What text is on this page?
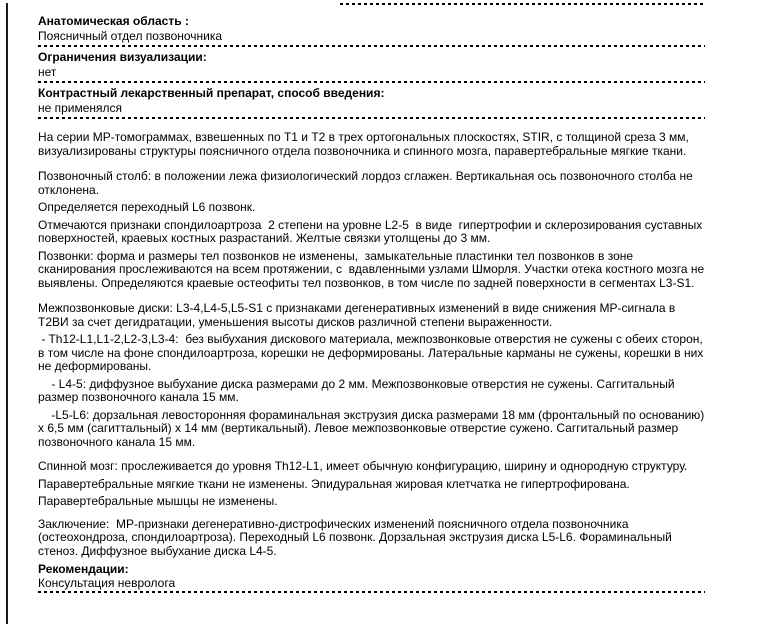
Анатомическая область :
Поясничный отдел позвоночника
Ограничения визуализации:
нет
Контрастный лекарственный препарат, способ введения:
не применялся

На серии МР-томограммах, взвешенных по Т1 и Т2 в трех ортогональных плоскостях, STIR, с толщиной среза 3 мм, визуализированы структуры поясничного отдела позвоночника и спинного мозга, паравертебральные мягкие ткани.

Позвоночный столб: в положении лежа физиологический лордоз сглажен. Вертикальная ось позвоночного столба не отклонена.

Определяется переходный L6 позвонк.

Отмечаются признаки спондилоартроза  2 степени на уровне L2-5  в виде  гипертрофии и склерозирования суставных  поверхностей, краевых костных разрастаний. Желтые связки утолщены до 3 мм.

Позвонки: форма и размеры тел позвонков не изменены,  замыкательные пластинки тел позвонков в зоне сканирования прослеживаются на всем протяжении, с  вдавленными узлами Шморля. Участки отека костного мозга не выявлены. Определяются краевые остеофиты тел позвонков, в том числе по задней поверхности в сегментах L3-S1.

Межпозвонковые диски: L3-4,L4-5,L5-S1 с признаками дегенеративных изменений в виде снижения МР-сигнала в Т2ВИ за счет дегидратации, уменьшения высоты дисков различной степени выраженности.

- Th12-L1,L1-2,L2-3,L3-4:  без выбухания дискового материала, межпозвонковые отверстия не сужены с обеих сторон, в том числе на фоне спондилоартроза, корешки не деформированы. Латеральные карманы не сужены, корешки в них не деформированы.

- L4-5: диффузное выбухание диска размерами до 2 мм. Межпозвонковые отверстия не сужены. Саггитальный размер позвоночного канала 15 мм.

-L5-L6: дорзальная левосторонняя фораминальная экструзия диска размерами 18 мм (фронтальный по основанию) х 6,5 мм (сагиттальный) х 14 мм (вертикальный). Левое межпозвонковые отверстие сужено. Саггитальный размер позвоночного канала 15 мм.

Спинной мозг: прослеживается до уровня Th12-L1, имеет обычную конфигурацию, ширину и однородную структуру.

Паравертебральные мягкие ткани не изменены. Эпидуральная жировая клетчатка не гипертрофирована.

Паравертебральные мышцы не изменены.

Заключение:  МР-признаки дегенеративно-дистрофических изменений поясничного отдела позвоночника (остеохондроза, спондилоартроза). Переходный L6 позвонк. Дорзальная экструзия диска L5-L6. Фораминальный стеноз. Диффузное выбухание диска L4-5.

Рекомендации:
Консультация невролога
